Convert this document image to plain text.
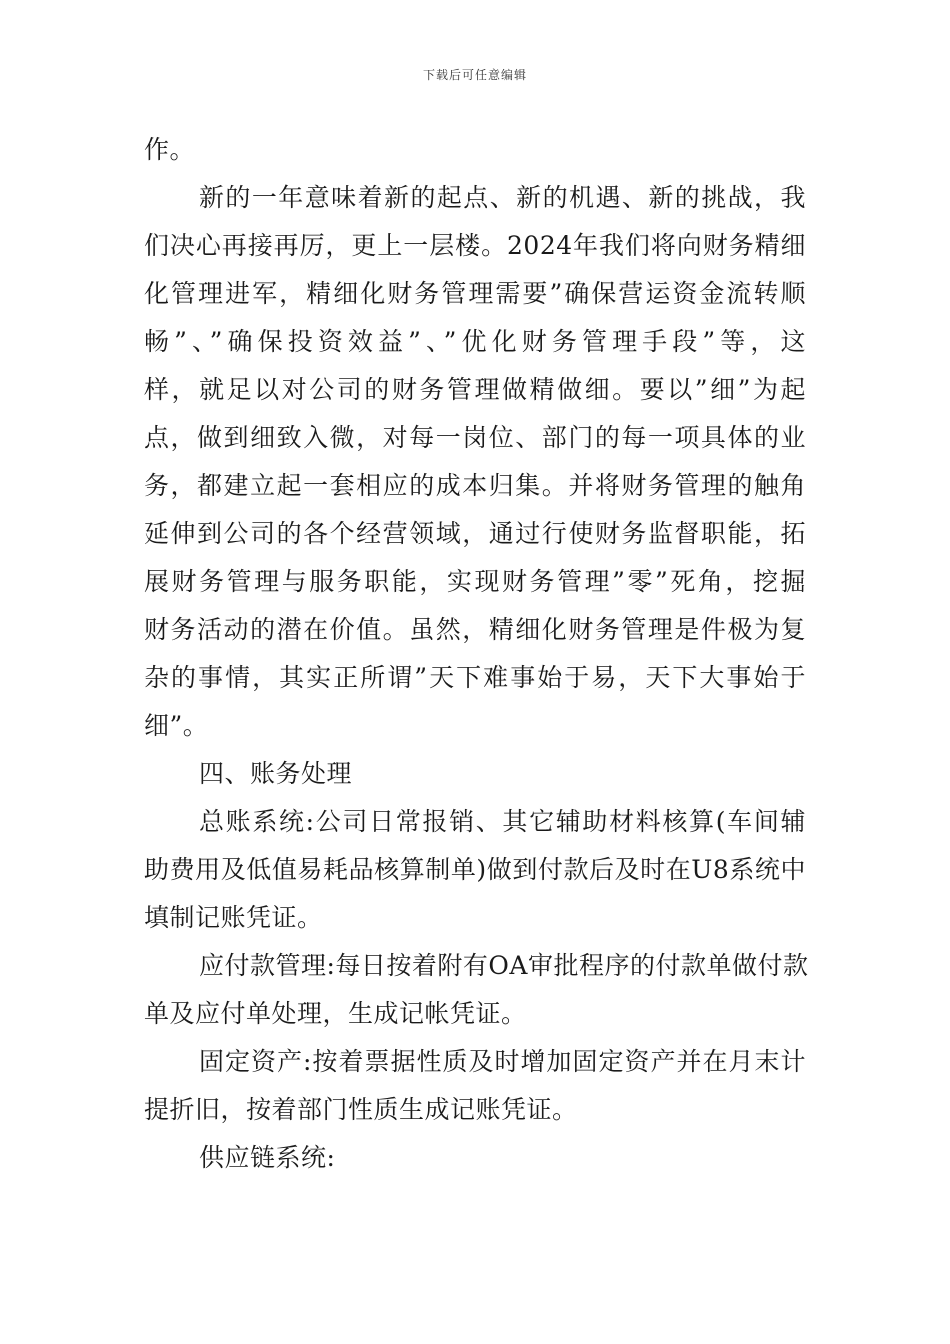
下载后可任意编辑
作。
新的一年意味着新的起点、新的机遇、新的挑战，我
们决心再接再厉，更上一层楼。2024年我们将向财务精细
化管理进军，精细化财务管理需要”确保营运资金流转顺
畅”、”确保投资效益”、”优化财务管理手段”等，这
样，就足以对公司的财务管理做精做细。要以”细”为起
点，做到细致入微，对每一岗位、部门的每一项具体的业
务，都建立起一套相应的成本归集。并将财务管理的触角
延伸到公司的各个经营领域，通过行使财务监督职能，拓
展财务管理与服务职能，实现财务管理”零”死角，挖掘
财务活动的潜在价值。虽然，精细化财务管理是件极为复
杂的事情，其实正所谓”天下难事始于易，天下大事始于
细”。
四、账务处理
总账系统:公司日常报销、其它辅助材料核算(车间辅
助费用及低值易耗品核算制单)做到付款后及时在U8系统中
填制记账凭证。
应付款管理:每日按着附有OA审批程序的付款单做付款
单及应付单处理，生成记帐凭证。
固定资产:按着票据性质及时增加固定资产并在月末计
提折旧，按着部门性质生成记账凭证。
供应链系统:
